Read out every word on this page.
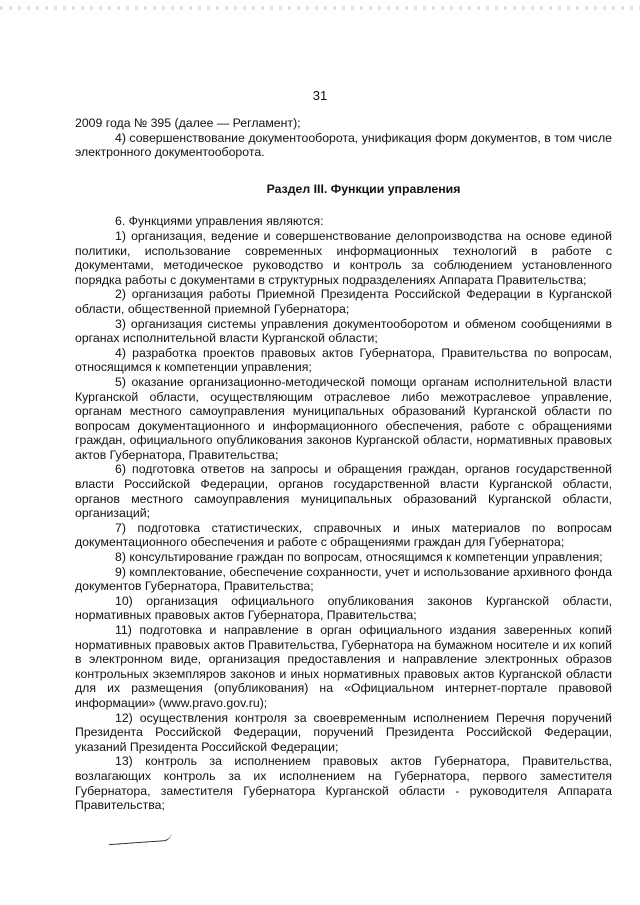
31

2009 года № 395 (далее — Регламент);

4) совершенствование документооборота, унификация форм документов, в том числе электронного документооборота.

Раздел III. Функции управления

6. Функциями управления являются:

1) организация, ведение и совершенствование делопроизводства на основе единой политики, использование современных информационных технологий в работе с документами, методическое руководство и контроль за соблюдением установленного порядка работы с документами в структурных подразделениях Аппарата Правительства;

2) организация работы Приемной Президента Российской Федерации в Курганской области, общественной приемной Губернатора;

3) организация системы управления документооборотом и обменом сообщениями в органах исполнительной власти Курганской области;

4) разработка проектов правовых актов Губернатора, Правительства по вопросам, относящимся к компетенции управления;

5) оказание организационно-методической помощи органам исполнительной власти Курганской области, осуществляющим отраслевое либо межотраслевое управление, органам местного самоуправления муниципальных образований Курганской области по вопросам документационного и информационного обеспечения, работе с обращениями граждан, официального опубликования законов Курганской области, нормативных правовых актов Губернатора, Правительства;

6) подготовка ответов на запросы и обращения граждан, органов государственной власти Российской Федерации, органов государственной власти Курганской области, органов местного самоуправления муниципальных образований Курганской области, организаций;

7) подготовка статистических, справочных и иных материалов по вопросам документационного обеспечения и работе с обращениями граждан для Губернатора;

8) консультирование граждан по вопросам, относящимся к компетенции управления;

9) комплектование, обеспечение сохранности, учет и использование архивного фонда документов Губернатора, Правительства;

10) организация официального опубликования законов Курганской области, нормативных правовых актов Губернатора, Правительства;

11) подготовка и направление в орган официального издания заверенных копий нормативных правовых актов Правительства, Губернатора на бумажном носителе и их копий в электронном виде, организация предоставления и направление электронных образов контрольных экземпляров законов и иных нормативных правовых актов Курганской области для их размещения (опубликования) на «Официальном интернет-портале правовой информации» (www.pravo.gov.ru);

12) осуществления контроля за своевременным исполнением Перечня поручений Президента Российской Федерации, поручений Президента Российской Федерации, указаний Президента Российской Федерации;

13) контроль за исполнением правовых актов Губернатора, Правительства, возлагающих контроль за их исполнением на Губернатора, первого заместителя Губернатора, заместителя Губернатора Курганской области - руководителя Аппарата Правительства;
